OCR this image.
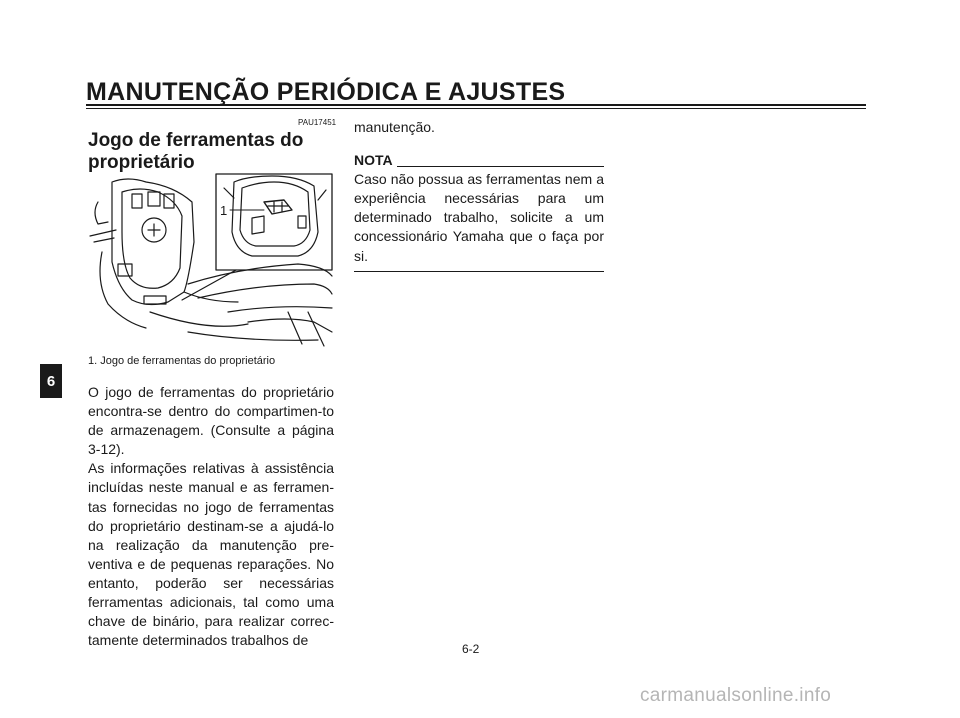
MANUTENÇÃO PERIÓDICA E AJUSTES
6
PAU17451
Jogo de ferramentas do proprietário
1
1. Jogo de ferramentas do proprietário

O jogo de ferramentas do proprietário encontra-se dentro do compartimen-to de armazenagem. (Consulte a página 3-12).

As informações relativas à assistência incluídas neste manual e as ferramen-tas fornecidas no jogo de ferramentas do proprietário destinam-se a ajudá-lo na realização da manutenção pre-ventiva e de pequenas reparações. No entanto, poderão ser necessárias ferramentas adicionais, tal como uma chave de binário, para realizar correc-tamente determinados trabalhos de

manutenção.

NOTA

Caso não possua as ferramentas nem a experiência necessárias para um determinado trabalho, solicite a um concessionário Yamaha que o faça por si.

6-2
carmanualsonline.info
